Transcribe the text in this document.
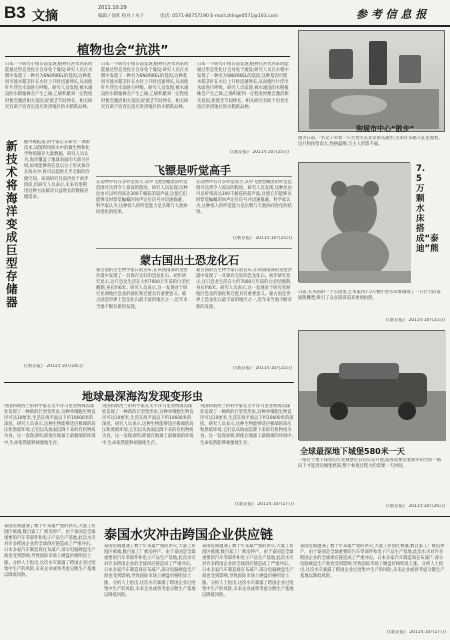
B3 文摘
2011.10.29
编辑 / 徐旺 校对 / 木子	电话: 0571-86757190 E-mail:zhlnge0571@163.com	参 考 信 息 报
植物也会“抗洪”
日本一个研究小组日前发现,植物在洪水到来时能通过形态变化让自身免于淹没;研究人员在水稻中发现了一种名为SNORKEL的基因,这种基因可使水稻茎秆在水位上升时迅速伸长,从而使叶片浮出水面进行呼吸。研究人员发现,被水淹没的水稻植株会产生乙烯,乙烯积累到一定程度时便会激活相关基因,促使茎节间伸长。相关研究有助于培育出适应洪涝地区的水稻新品种。
日本一个研究小组日前发现,植物在洪水到来时能通过形态变化让自身免于淹没;研究人员在水稻中发现了一种名为SNORKEL的基因,这种基因可使水稻茎秆在水位上升时迅速伸长,从而使叶片浮出水面进行呼吸。研究人员发现,被水淹没的水稻植株会产生乙烯,乙烯积累到一定程度时便会激活相关基因,促使茎节间伸长。相关研究有助于培育出适应洪涝地区的水稻新品种。
日本一个研究小组日前发现,植物在洪水到来时能通过形态变化让自身免于淹没;研究人员在水稻中发现了一种名为SNORKEL的基因,这种基因可使水稻茎秆在水位上升时迅速伸长,从而使叶片浮出水面进行呼吸。研究人员发现,被水淹没的水稻植株会产生乙烯,乙烯积累到一定程度时便会激活相关基因,促使茎节间伸长。相关研究有助于培育出适应洪涝地区的水稻新品种。
(《新京报》 2011年10月25日)
图为日前,一名女子牵着一只大型犬在北京街头散步,引来许多路人驻足观看。这只狗体型高大,性格温顺,与主人形影不离。
狗展市中心“散步”
新技术将海洋变成巨型存储器
据外媒报道,科学家正在研究一项新技术,试图利用海水中的微生物和化学物质储存大量数据。研究人员认为,海洋覆盖了地球表面的大部分区域,如果能够将信息以分子形式保存在海水中,将可以提供几乎无限的存储空间。该项研究目前仍处于初步阶段,但研究人员表示,未来有望利用这种方法解决日益增长的数据存储需求。
(《新京报》 2011年10月24日)
飞镖是听觉高手
在动物中有许多听觉高手,其中飞镖型蛾类的听觉范围可达到令人惊讶的程度。研究人员发现,这种昆虫可以听到高达300千赫兹的超声波,这使它们能够及时察觉蝙蝠的回声定位信号并迅速躲避。科学家认为,这种惊人的听觉能力是长期与天敌协同进化的结果。
在动物中有许多听觉高手,其中飞镖型蛾类的听觉范围可达到令人惊讶的程度。研究人员发现,这种昆虫可以听到高达300千赫兹的超声波,这使它们能够及时察觉蝙蝠的回声定位信号并迅速躲避。科学家认为,这种惊人的听觉能力是长期与天敌协同进化的结果。
(《新京报》 2011年10月25日)
7.5万颗水床搭成“泰迪”熊
日前,在英国的一个公园里,艺术家用7.5万颗小型水床堆砌成了一只巨大的泰迪熊雕塑,吸引了众多游客前来参观拍照。
(《新京报》 2011年10月25日)
蒙古国出土恐龙化石
蒙古国的古生物学家日前宣布,在该国南部的戈壁沙漠中发现了一具保存完好的恐龙化石。初步研究显示,这只恐龙生活在大约7000万年前的白垩纪晚期,身长约6米。研究人员表示,这一发现对于研究亚洲地区恐龙的演化和迁徙具有重要意义。蒙古国是世界上恐龙化石最丰富的地区之一,近年来当地不断有新的发现。
蒙古国的古生物学家日前宣布,在该国南部的戈壁沙漠中发现了一具保存完好的恐龙化石。初步研究显示,这只恐龙生活在大约7000万年前的白垩纪晚期,身长约6米。研究人员表示,这一发现对于研究亚洲地区恐龙的演化和迁徙具有重要意义。蒙古国是世界上恐龙化石最丰富的地区之一,近年来当地不断有新的发现。
(《新京报》 2011年10月25日)
地球最深海沟发现变形虫
英国和新西兰的科学家在太平洋马里亚纳海沟深处发现了一种新的巨型变形虫,这种单细胞生物直径可达10厘米,生活在海平面以下约10600米的深度。研究人员表示,这种生物能够适应极端的高压和黑暗环境,它们以从海面沉降下来的有机物质为食。这一发现表明,即使在地球上最极端的环境中,生命依然能够顽强地生存。
英国和新西兰的科学家在太平洋马里亚纳海沟深处发现了一种新的巨型变形虫,这种单细胞生物直径可达10厘米,生活在海平面以下约10600米的深度。研究人员表示,这种生物能够适应极端的高压和黑暗环境,它们以从海面沉降下来的有机物质为食。这一发现表明,即使在地球上最极端的环境中,生命依然能够顽强地生存。
英国和新西兰的科学家在太平洋马里亚纳海沟深处发现了一种新的巨型变形虫,这种单细胞生物直径可达10厘米,生活在海平面以下约10600米的深度。研究人员表示,这种生物能够适应极端的高压和黑暗环境,它们以从海面沉降下来的有机物质为食。这一发现表明,即使在地球上最极端的环境中,生命依然能够顽强地生存。
(《新京报》 2011年10月27日)
全球最深地下城堡580米一天
一座位于地下深处的古老城堡近日向公众开放,游客需要沿着狭窄的台阶一路向下才能到达城堡底部,整个参观过程大约需要一天时间。
(《新京报》 2011年10月26日)
泰国近期遭遇了数十年来最严重的洪灾,大量工业园区被淹,数百家工厂被迫停产。由于泰国是全球重要的汽车零部件和电子产品生产基地,此次水灾对许多跨国企业的全球供应链造成了严重冲击。日本多家汽车制造商宣布减产,部分电脑硬盘生产商也受到影响,导致国际市场上硬盘价格明显上涨。分析人士指出,这次水灾暴露了跨国企业过度集中生产的风险,未来企业或将考虑分散生产基地以降低风险。
泰国水灾冲击跨国企业供应链
泰国近期遭遇了数十年来最严重的洪灾,大量工业园区被淹,数百家工厂被迫停产。由于泰国是全球重要的汽车零部件和电子产品生产基地,此次水灾对许多跨国企业的全球供应链造成了严重冲击。日本多家汽车制造商宣布减产,部分电脑硬盘生产商也受到影响,导致国际市场上硬盘价格明显上涨。分析人士指出,这次水灾暴露了跨国企业过度集中生产的风险,未来企业或将考虑分散生产基地以降低风险。
泰国近期遭遇了数十年来最严重的洪灾,大量工业园区被淹,数百家工厂被迫停产。由于泰国是全球重要的汽车零部件和电子产品生产基地,此次水灾对许多跨国企业的全球供应链造成了严重冲击。日本多家汽车制造商宣布减产,部分电脑硬盘生产商也受到影响,导致国际市场上硬盘价格明显上涨。分析人士指出,这次水灾暴露了跨国企业过度集中生产的风险,未来企业或将考虑分散生产基地以降低风险。
泰国近期遭遇了数十年来最严重的洪灾,大量工业园区被淹,数百家工厂被迫停产。由于泰国是全球重要的汽车零部件和电子产品生产基地,此次水灾对许多跨国企业的全球供应链造成了严重冲击。日本多家汽车制造商宣布减产,部分电脑硬盘生产商也受到影响,导致国际市场上硬盘价格明显上涨。分析人士指出,这次水灾暴露了跨国企业过度集中生产的风险,未来企业或将考虑分散生产基地以降低风险。
(《新京报》 2011年10月27日)
